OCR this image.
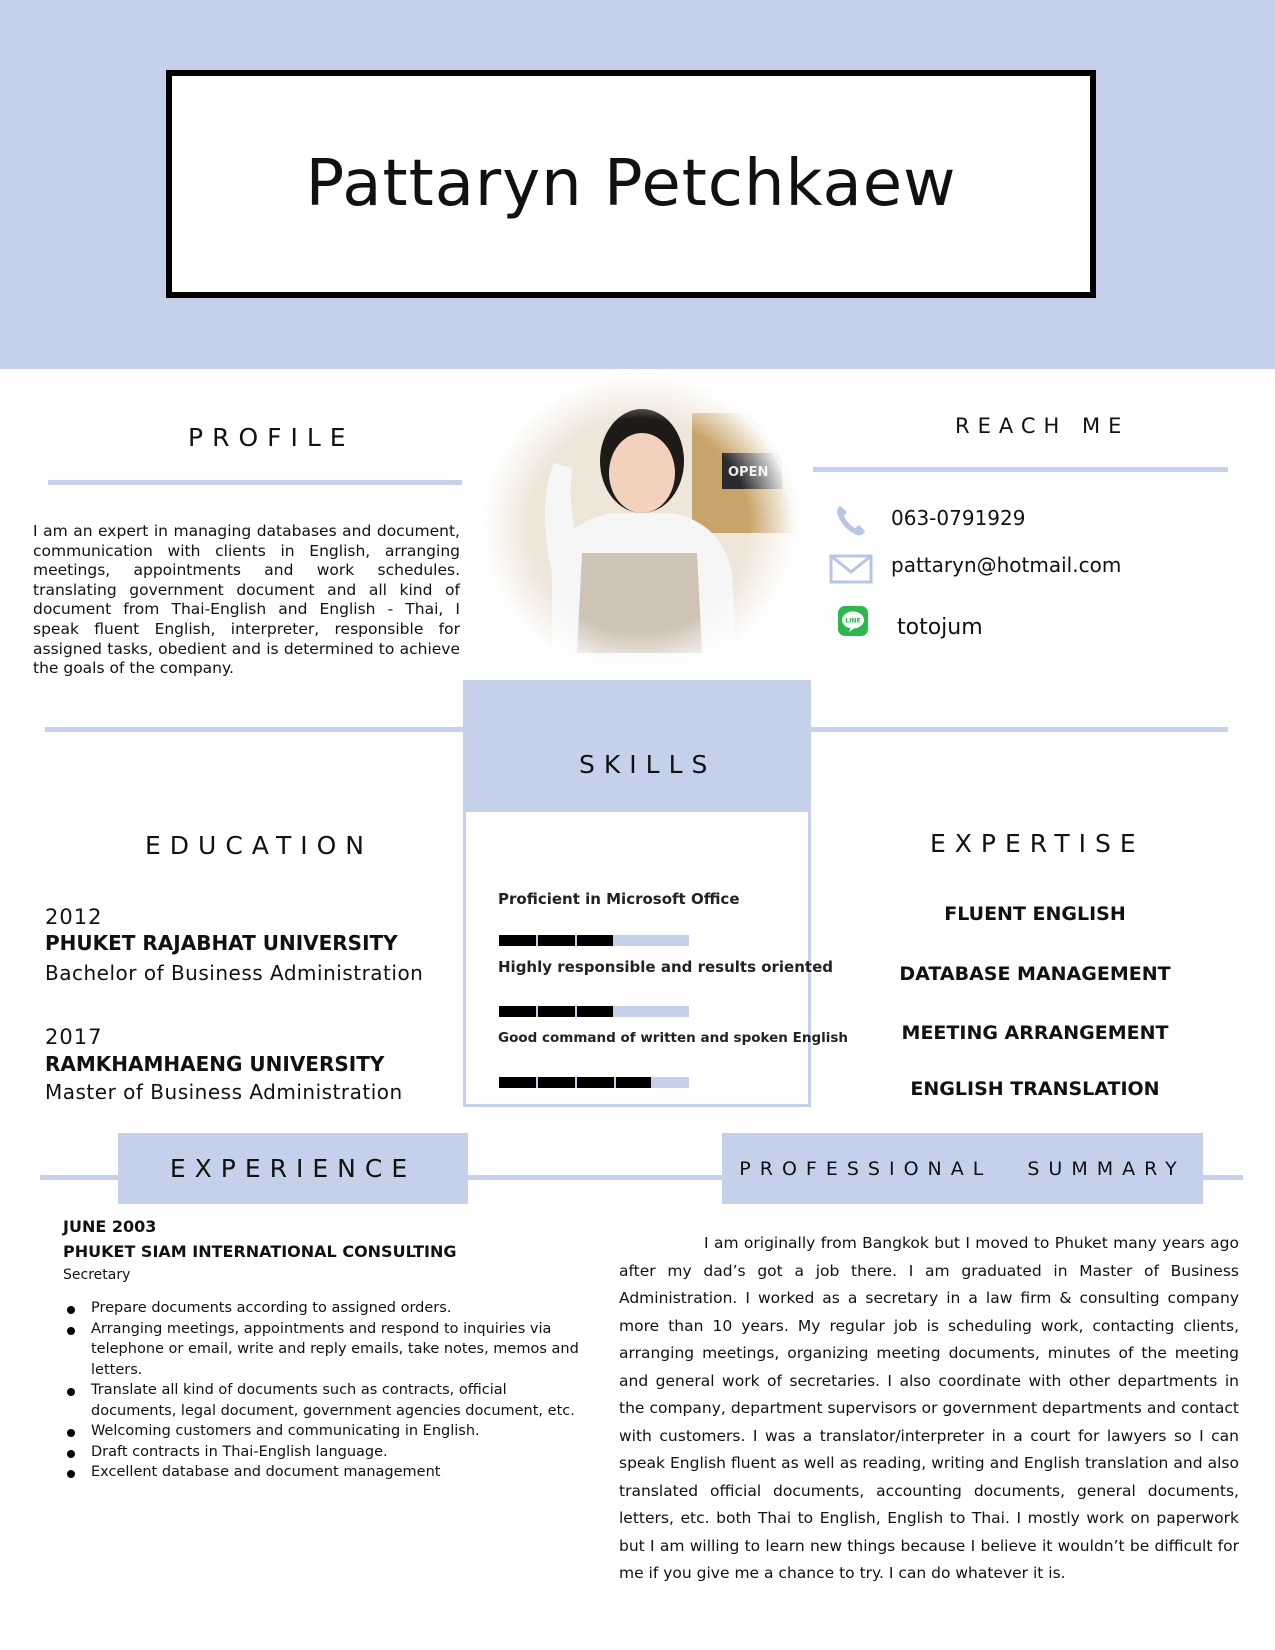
Pattaryn Petchkaew
PROFILE

I am an expert in managing databases and document, communication with clients in English, arranging meetings, appointments and work schedules. translating government document and all kind of document from Thai-English and English - Thai, I speak fluent English, interpreter, responsible for assigned tasks, obedient and is determined to achieve the goals of the company.

REACH ME
063-0791929
pattaryn@hotmail.com
LINE totojum
SKILLS
Proficient in Microsoft Office
Highly responsible and results oriented
Good command of written and spoken English
EDUCATION
2012
PHUKET RAJABHAT UNIVERSITY
Bachelor of Business Administration
2017
RAMKHAMHAENG UNIVERSITY
Master of Business Administration
EXPERTISE
FLUENT ENGLISH
DATABASE MANAGEMENT
MEETING ARRANGEMENT
ENGLISH TRANSLATION
EXPERIENCE	PROFESSIONAL SUMMARY
JUNE 2003
PHUKET SIAM INTERNATIONAL CONSULTING
Secretary
Prepare documents according to assigned orders.
Arranging meetings, appointments and respond to inquiries via telephone or email, write and reply emails, take notes, memos and letters.
Translate all kind of documents such as contracts, official documents, legal document, government agencies document, etc.
Welcoming customers and communicating in English.
Draft contracts in Thai-English language.
Excellent database and document management

I am originally from Bangkok but I moved to Phuket many years ago after my dad’s got a job there. I am graduated in Master of Business Administration. I worked as a secretary in a law firm & consulting company more than 10 years. My regular job is scheduling work, contacting clients, arranging meetings, organizing meeting documents, minutes of the meeting and general work of secretaries. I also coordinate with other departments in the company, department supervisors or government departments and contact with customers. I was a translator/interpreter in a court for lawyers so I can speak English fluent as well as reading, writing and English translation and also translated official documents, accounting documents, general documents, letters, etc. both Thai to English, English to Thai. I mostly work on paperwork but I am willing to learn new things because I believe it wouldn’t be difficult for me if you give me a chance to try. I can do whatever it is.
